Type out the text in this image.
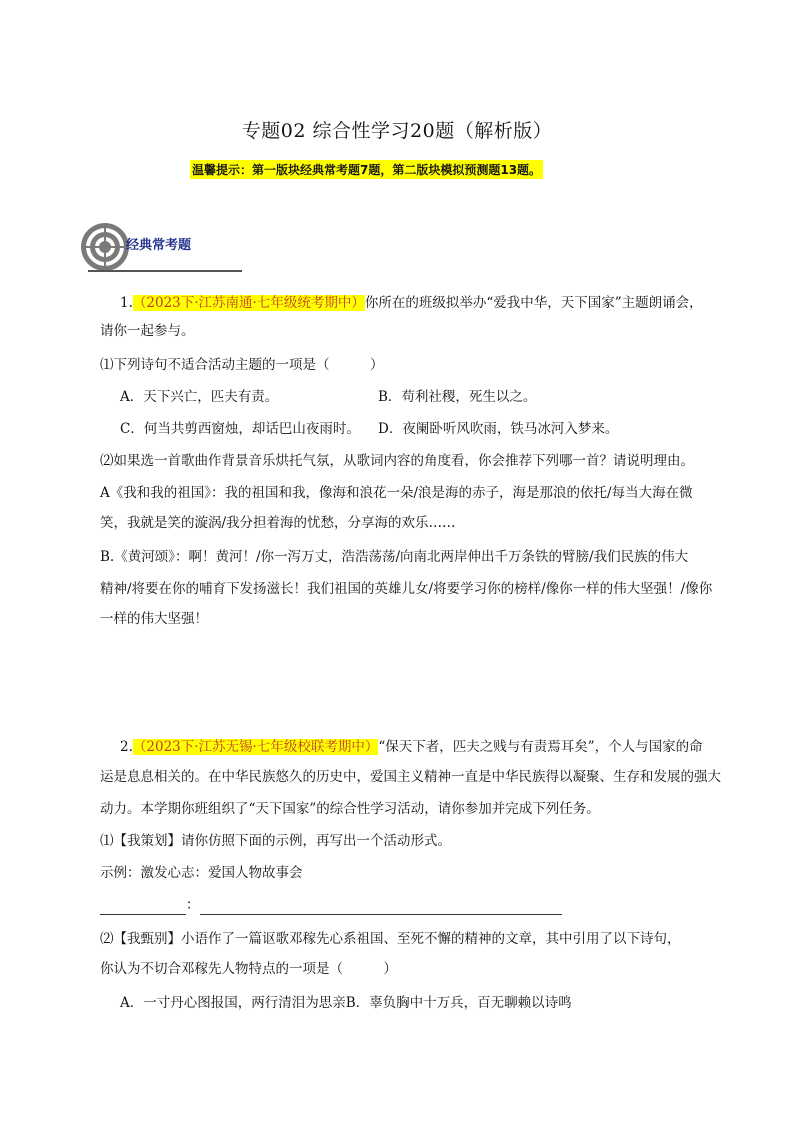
专题02 综合性学习20题（解析版）
温馨提示：第一版块经典常考题7题，第二版块模拟预测题13题。
经典常考题
1.（2023下·江苏南通·七年级统考期中）你所在的班级拟举办“爱我中华，天下国家”主题朗诵会，
请你一起参与。
⑴下列诗句不适合活动主题的一项是（　　　）
A．天下兴亡，匹夫有责。	B．苟利社稷，死生以之。
C．何当共剪西窗烛，却话巴山夜雨时。 D．夜阑卧听风吹雨，铁马冰河入梦来。
⑵如果选一首歌曲作背景音乐烘托气氛，从歌词内容的角度看，你会推荐下列哪一首？请说明理由。
A《我和我的祖国》：我的祖国和我，像海和浪花一朵/浪是海的赤子，海是那浪的依托/每当大海在微
笑，我就是笑的漩涡/我分担着海的忧愁，分享海的欢乐……
B.《黄河颂》：啊！黄河！/你一泻万丈，浩浩荡荡/向南北两岸伸出千万条铁的臂膀/我们民族的伟大
精神/将要在你的哺育下发扬滋长！我们祖国的英雄儿女/将要学习你的榜样/像你一样的伟大坚强！/像你
一样的伟大坚强！
2.（2023下·江苏无锡·七年级校联考期中）“保天下者，匹夫之贱与有责焉耳矣”，个人与国家的命
运是息息相关的。在中华民族悠久的历史中，爱国主义精神一直是中华民族得以凝聚、生存和发展的强大
动力。本学期你班组织了“天下国家”的综合性学习活动，请你参加并完成下列任务。
⑴【我策划】请你仿照下面的示例，再写出一个活动形式。
示例：激发心志：爱国人物故事会
：
⑵【我甄别】小语作了一篇讴歌邓稼先心系祖国、至死不懈的精神的文章，其中引用了以下诗句，
你认为不切合邓稼先人物特点的一项是（　　　）
A．一寸丹心图报国，两行清泪为思亲B．辜负胸中十万兵，百无聊赖以诗鸣
